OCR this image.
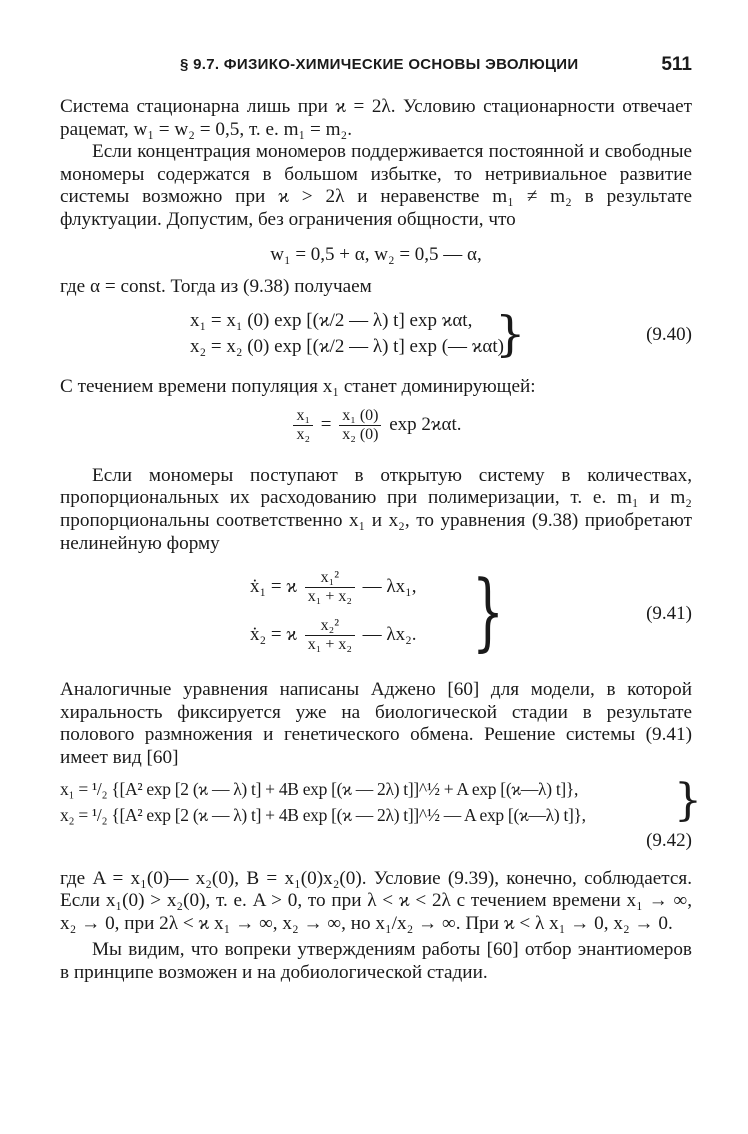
§ 9.7. ФИЗИКО-ХИМИЧЕСКИЕ ОСНОВЫ ЭВОЛЮЦИИ	511

Система стационарна лишь при ϰ = 2λ. Условию стационарности отвечает рацемат, w₁ = w₂ = 0,5, т. е. m₁ = m₂.

Если концентрация мономеров поддерживается постоянной и свободные мономеры содержатся в большом избытке, то нетривиальное развитие системы возможно при ϰ > 2λ и неравенстве m₁ ≠ m₂ в результате флуктуации. Допустим, без ограничения общности, что

w₁ = 0,5 + α, w₂ = 0,5 — α,

где α = const. Тогда из (9.38) получаем

x₁ = x₁ (0) exp [(ϰ/2 — λ) t] exp ϰαt,
x₂ = x₂ (0) exp [(ϰ/2 — λ) t] exp (— ϰαt)
}	(9.40)

С течением времени популяция x₁ станет доминирующей:

$\frac{\text{x₁}}{\text{x₂}} = \frac{\text{x₁ (0)}}{\text{x₂ (0)}}$ exp 2ϰαt.

Если мономеры поступают в открытую систему в количествах, пропорциональных их расходованию при полимеризации, т. е. m₁ и m₂ пропорциональны соответственно x₁ и x₂, то уравнения (9.38) приобретают нелинейную форму

ẋ₁ = ϰ $\frac{\text{x₁²}}{\text{x₁ + x₂}}$ — λx₁,
ẋ₂ = ϰ $\frac{\text{x₂²}}{\text{x₁ + x₂}}$ — λx₂. }	(9.41)

Аналогичные уравнения написаны Аджено [60] для модели, в которой хиральность фиксируется уже на биологической стадии в результате полового размножения и генетического обмена. Решение системы (9.41) имеет вид [60]

x₁ = ¹/₂ {[A² exp [2 (ϰ — λ) t] + 4B exp [(ϰ — 2λ) t]]^½ + A exp [(ϰ—λ) t]},
x₂ = ¹/₂ {[A² exp [2 (ϰ — λ) t] + 4B exp [(ϰ — 2λ) t]]^½ — A exp [(ϰ—λ) t]}, }
(9.42)

где A = x₁(0)— x₂(0), B = x₁(0)x₂(0). Условие (9.39), конечно, соблюдается. Если x₁(0) > x₂(0), т. е. A > 0, то при λ < ϰ < 2λ с течением времени x₁ → ∞, x₂ → 0, при 2λ < ϰ x₁ → ∞, x₂ → ∞, но x₁/x₂ → ∞. При ϰ < λ x₁ → 0, x₂ → 0.

Мы видим, что вопреки утверждениям работы [60] отбор энантиомеров в принципе возможен и на добиологической стадии.
